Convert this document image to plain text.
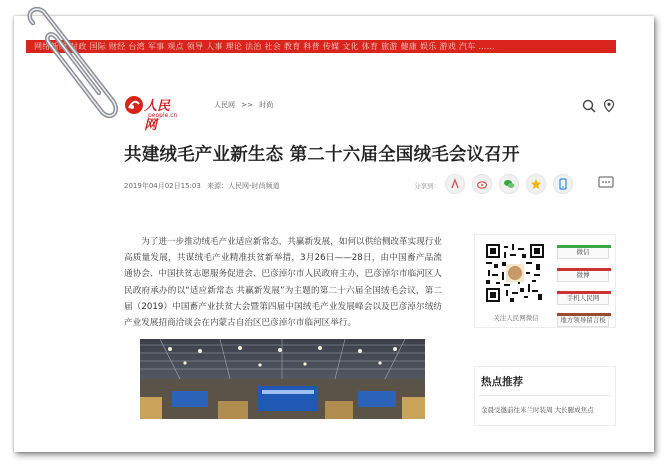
网络新闻 时政 国际 财经 台湾 军事 观点 领导 人事 理论 法治 社会 教育 科普 传媒 文化 体育 旅游 健康 娱乐 游戏 汽车 ……
人民网
people.cn
人民网 >> 时尚
共建绒毛产业新生态 第二十六届全国绒毛会议召开
2019年04月02日15:03 来源：人民网-时尚频道	分享到：

为了进一步推动绒毛产业适应新常态，共赢新发展，如何以供给侧改革实现行业高质量发展，共谋绒毛产业精准扶贫新举措，3月26日——28日，由中国畜产品流通协会、中国扶贫志愿服务促进会、巴彦淖尔市人民政府主办，巴彦淖尔市临河区人民政府承办的以“适应新常态 共赢新发展”为主题的第二十六届全国绒毛会议，第二届（2019）中国畜产业扶贫大会暨第四届中国绒毛产业发展峰会以及巴彦淖尔绒纺产业发展招商洽谈会在内蒙古自治区巴彦淖尔市临河区举行。

关注人民网微信
微信
微博
手机人民网
地方领导留言板
热点推荐
金晨受邀前往米兰时装周 大长腿成焦点
